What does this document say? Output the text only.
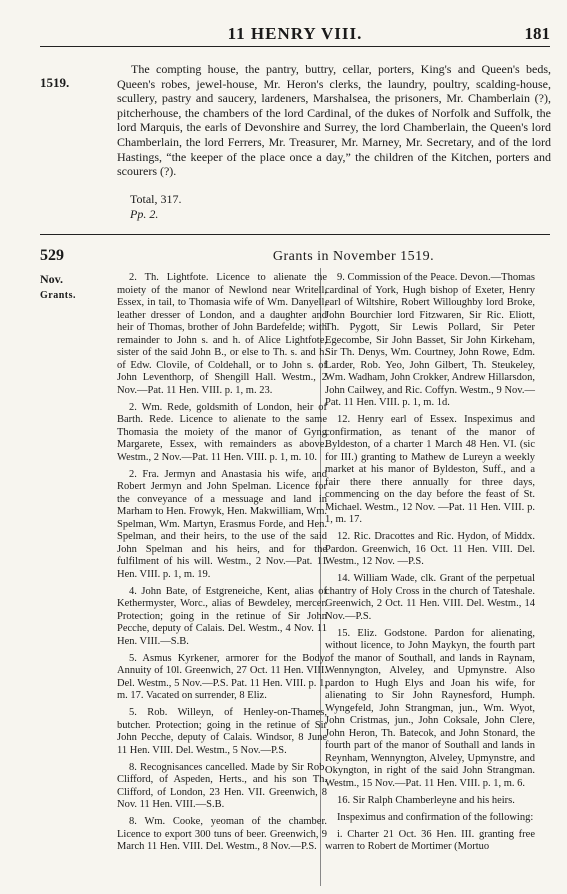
11 HENRY VIII.	181
1519.
The compting house, the pantry, buttry, cellar, porters, King's and Queen's beds, Queen's robes, jewel-house, Mr. Heron's clerks, the laundry, poultry, scalding-house, scullery, pastry and saucery, lardeners, Marshalsea, the prisoners, Mr. Chamberlain (?), pitcherhouse, the chambers of the lord Cardinal, of the dukes of Norfolk and Suffolk, the lord Marquis, the earls of Devonshire and Surrey, the lord Chamberlain, the Queen's lord Chamberlain, the lord Ferrers, Mr. Treasurer, Mr. Marney, Mr. Secretary, and of the lord Hastings, “the keeper of the place once a day,” the children of the Kitchen, porters and scourers (?).
Total, 317.
Pp. 2.
529	Grants in November 1519.
Nov.
Grants.

2. Th. Lightfote. Licence to alienate the moiety of the manor of Newlond near Writell, Essex, in tail, to Thomasia wife of Wm. Danyell, leather dresser of London, and a daughter and heir of Thomas, brother of John Bardefelde; with remainder to John s. and h. of Alice Lightfote, sister of the said John B., or else to Th. s. and h. of Edw. Clovile, of Coldehall, or to John s. of John Leventhorp, of Shengill Hall. Westm., 2 Nov.—Pat. 11 Hen. VIII. p. 1, m. 23.

2. Wm. Rede, goldsmith of London, heir of Barth. Rede. Licence to alienate to the same Thomasia the moiety of the manor of Gyng Margarete, Essex, with remainders as above. Westm., 2 Nov.—Pat. 11 Hen. VIII. p. 1, m. 10.

2. Fra. Jermyn and Anastasia his wife, and Robert Jermyn and John Spelman. Licence for the conveyance of a messuage and land in Marham to Hen. Frowyk, Hen. Makwilliam, Wm. Spelman, Wm. Martyn, Erasmus Forde, and Hen. Spelman, and their heirs, to the use of the said John Spelman and his heirs, and for the fulfilment of his will. Westm., 2 Nov.—Pat. 11 Hen. VIII. p. 1, m. 19.

4. John Bate, of Estgreneiche, Kent, alias of Kethermyster, Worc., alias of Bewdeley, mercer. Protection; going in the retinue of Sir John Pecche, deputy of Calais. Del. Westm., 4 Nov. 11 Hen. VIII.—S.B.

5. Asmus Kyrkener, armorer for the Body. Annuity of 10l. Greenwich, 27 Oct. 11 Hen. VIII. Del. Westm., 5 Nov.—P.S. Pat. 11 Hen. VIII. p. 1, m. 17. Vacated on surrender, 8 Eliz.

5. Rob. Willeyn, of Henley-on-Thames, butcher. Protection; going in the retinue of Sir John Pecche, deputy of Calais. Windsor, 8 June 11 Hen. VIII. Del. Westm., 5 Nov.—P.S.

8. Recognisances cancelled. Made by Sir Rob. Clifford, of Aspeden, Herts., and his son Th. Clifford, of London, 23 Hen. VII. Greenwich, 8 Nov. 11 Hen. VIII.—S.B.

8. Wm. Cooke, yeoman of the chamber. Licence to export 300 tuns of beer. Greenwich, 9 March 11 Hen. VIII. Del. Westm., 8 Nov.—P.S.

9. Commission of the Peace. Devon.—Thomas cardinal of York, Hugh bishop of Exeter, Henry earl of Wiltshire, Robert Willoughby lord Broke, John Bourchier lord Fitzwaren, Sir Ric. Eliott, Th. Pygott, Sir Lewis Pollard, Sir Peter Egecombe, Sir John Basset, Sir John Kirkeham, Sir Th. Denys, Wm. Courtney, John Rowe, Edm. Larder, Rob. Yeo, John Gilbert, Th. Steukeley, Wm. Wadham, John Crokker, Andrew Hillarsdon, John Cailwey, and Ric. Coffyn. Westm., 9 Nov.—Pat. 11 Hen. VIII. p. 1, m. 1d.

12. Henry earl of Essex. Inspeximus and confirmation, as tenant of the manor of Byldeston, of a charter 1 March 48 Hen. VI. (sic for III.) granting to Mathew de Lureyn a weekly market at his manor of Byldeston, Suff., and a fair there there annually for three days, commencing on the day before the feast of St. Michael. Westm., 12 Nov. —Pat. 11 Hen. VIII. p. 1, m. 17.

12. Ric. Dracottes and Ric. Hydon, of Middx. Pardon. Greenwich, 16 Oct. 11 Hen. VIII. Del. Westm., 12 Nov. —P.S.

14. William Wade, clk. Grant of the perpetual chantry of Holy Cross in the church of Tateshale. Greenwich, 2 Oct. 11 Hen. VIII. Del. Westm., 14 Nov.—P.S.

15. Eliz. Godstone. Pardon for alienating, without licence, to John Maykyn, the fourth part of the manor of Southall, and lands in Raynam, Wennyngton, Alveley, and Upmynstre. Also pardon to Hugh Elys and Joan his wife, for alienating to Sir John Raynesford, Humph. Wyngefeld, John Strangman, jun., Wm. Wyot, John Cristmas, jun., John Coksale, John Clere, John Heron, Th. Batecok, and John Stonard, the fourth part of the manor of Southall and lands in Reynham, Wennyngton, Alveley, Upmynstre, and Okyngton, in right of the said John Strangman. Westm., 15 Nov.—Pat. 11 Hen. VIII. p. 1, m. 6.

16. Sir Ralph Chamberleyne and his heirs.

Inspeximus and confirmation of the following:

i. Charter 21 Oct. 36 Hen. III. granting free warren to Robert de Mortimer (Mortuo
